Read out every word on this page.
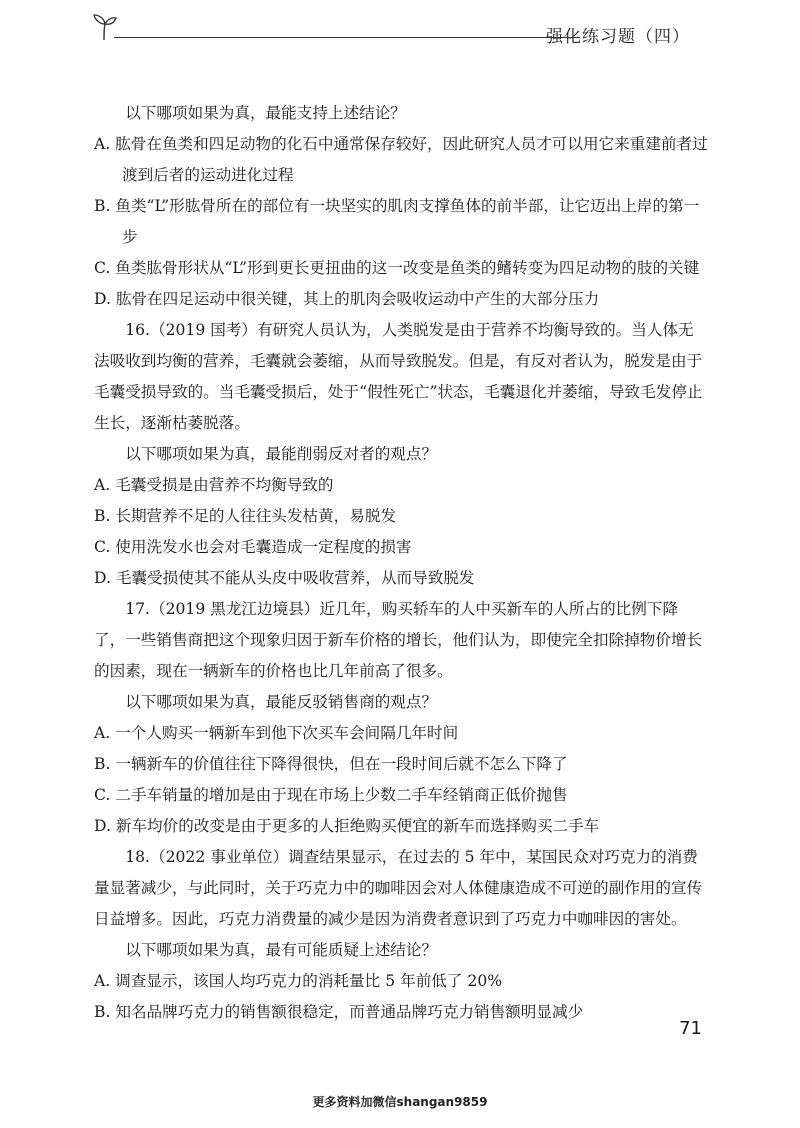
强化练习题（四）

以下哪项如果为真，最能支持上述结论？

A. 肱骨在鱼类和四足动物的化石中通常保存较好，因此研究人员才可以用它来重建前者过渡到后者的运动进化过程

B. 鱼类“L”形肱骨所在的部位有一块坚实的肌肉支撑鱼体的前半部，让它迈出上岸的第一步

C. 鱼类肱骨形状从“L”形到更长更扭曲的这一改变是鱼类的鳍转变为四足动物的肢的关键

D. 肱骨在四足运动中很关键，其上的肌肉会吸收运动中产生的大部分压力

16.（2019 国考）有研究人员认为，人类脱发是由于营养不均衡导致的。当人体无法吸收到均衡的营养，毛囊就会萎缩，从而导致脱发。但是，有反对者认为，脱发是由于毛囊受损导致的。当毛囊受损后，处于“假性死亡”状态，毛囊退化并萎缩，导致毛发停止生长，逐渐枯萎脱落。

以下哪项如果为真，最能削弱反对者的观点？

A. 毛囊受损是由营养不均衡导致的

B. 长期营养不足的人往往头发枯黄，易脱发

C. 使用洗发水也会对毛囊造成一定程度的损害

D. 毛囊受损使其不能从头皮中吸收营养，从而导致脱发

17.（2019 黑龙江边境县）近几年，购买轿车的人中买新车的人所占的比例下降了，一些销售商把这个现象归因于新车价格的增长，他们认为，即使完全扣除掉物价增长的因素，现在一辆新车的价格也比几年前高了很多。

以下哪项如果为真，最能反驳销售商的观点？

A. 一个人购买一辆新车到他下次买车会间隔几年时间

B. 一辆新车的价值往往下降得很快，但在一段时间后就不怎么下降了

C. 二手车销量的增加是由于现在市场上少数二手车经销商正低价抛售

D. 新车均价的改变是由于更多的人拒绝购买便宜的新车而选择购买二手车

18.（2022 事业单位）调查结果显示，在过去的 5 年中，某国民众对巧克力的消费量显著减少，与此同时，关于巧克力中的咖啡因会对人体健康造成不可逆的副作用的宣传日益增多。因此，巧克力消费量的减少是因为消费者意识到了巧克力中咖啡因的害处。

以下哪项如果为真，最有可能质疑上述结论？

A. 调查显示，该国人均巧克力的消耗量比 5 年前低了 20%

B. 知名品牌巧克力的销售额很稳定，而普通品牌巧克力销售额明显减少

71
更多资料加微信shangan9859
